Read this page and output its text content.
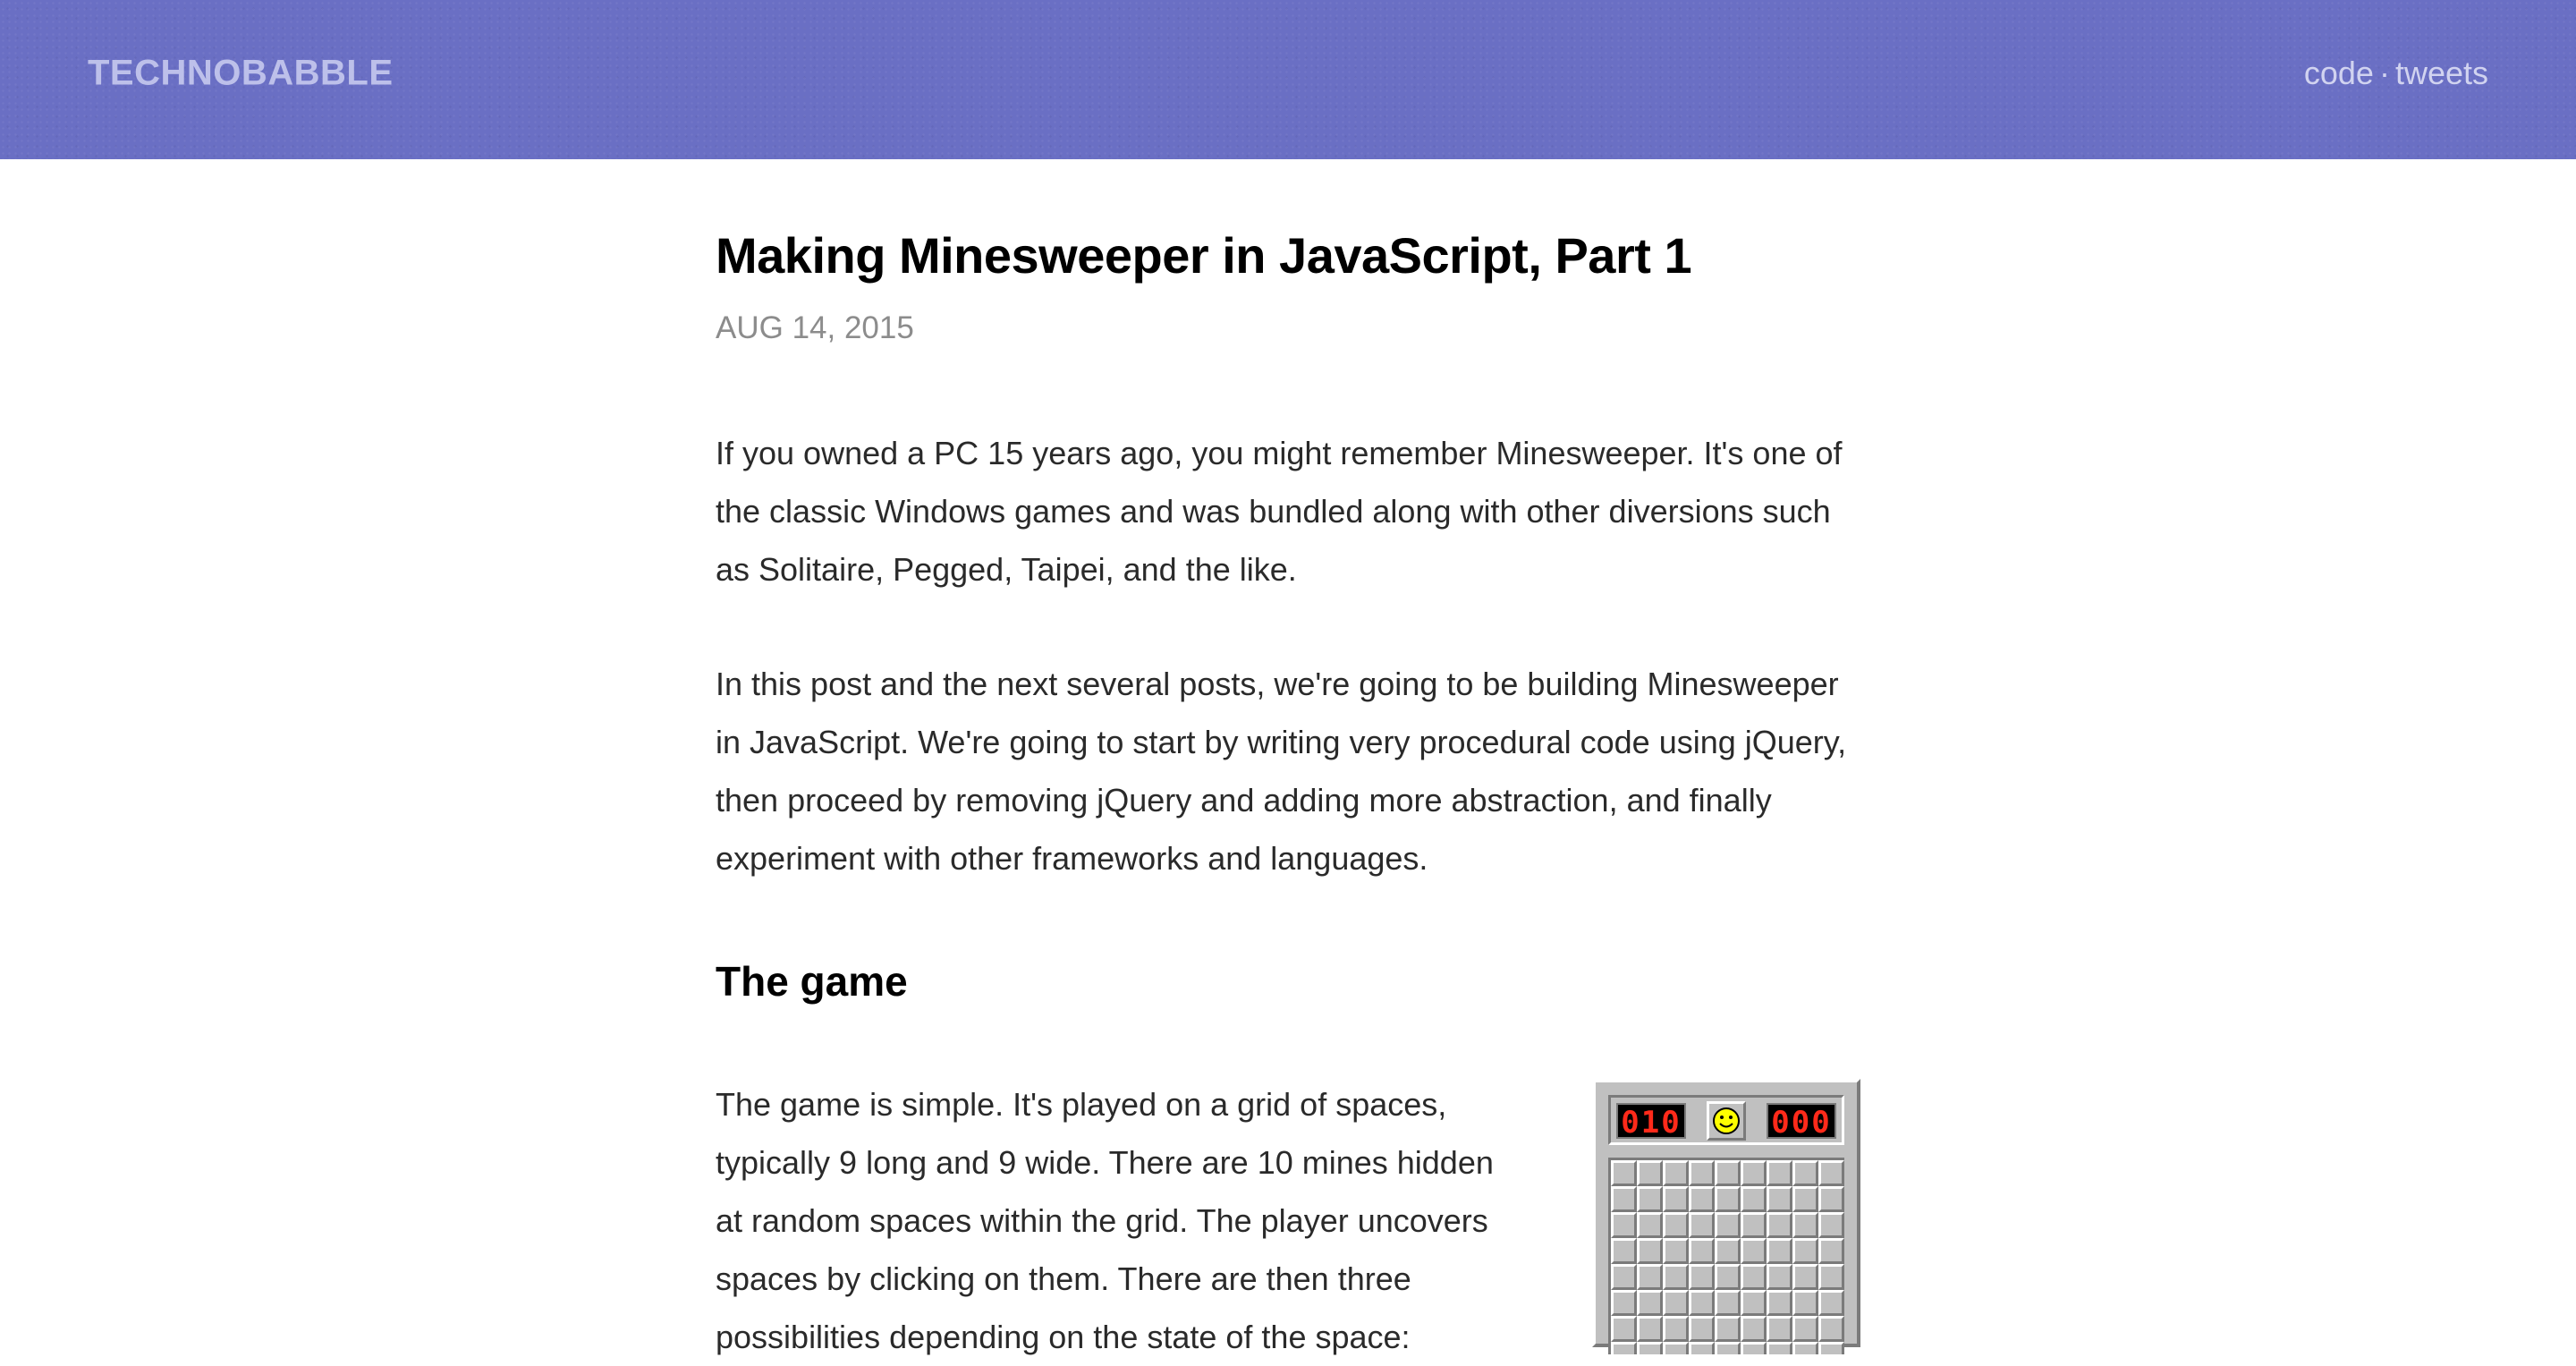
TECHNOBABBLE	code · tweets
Making Minesweeper in JavaScript, Part 1
AUG 14, 2015

If you owned a PC 15 years ago, you might remember Minesweeper. It's one of the classic Windows games and was bundled along with other diversions such as Solitaire, Pegged, Taipei, and the like.

In this post and the next several posts, we're going to be building Minesweeper in JavaScript. We're going to start by writing very procedural code using jQuery, then proceed by removing jQuery and adding more abstraction, and finally experiment with other frameworks and languages.

The game

The game is simple. It's played on a grid of spaces, typically 9 long and 9 wide. There are 10 mines hidden at random spaces within the grid. The player uncovers spaces by clicking on them. There are then three possibilities depending on the state of the space:

010	000
